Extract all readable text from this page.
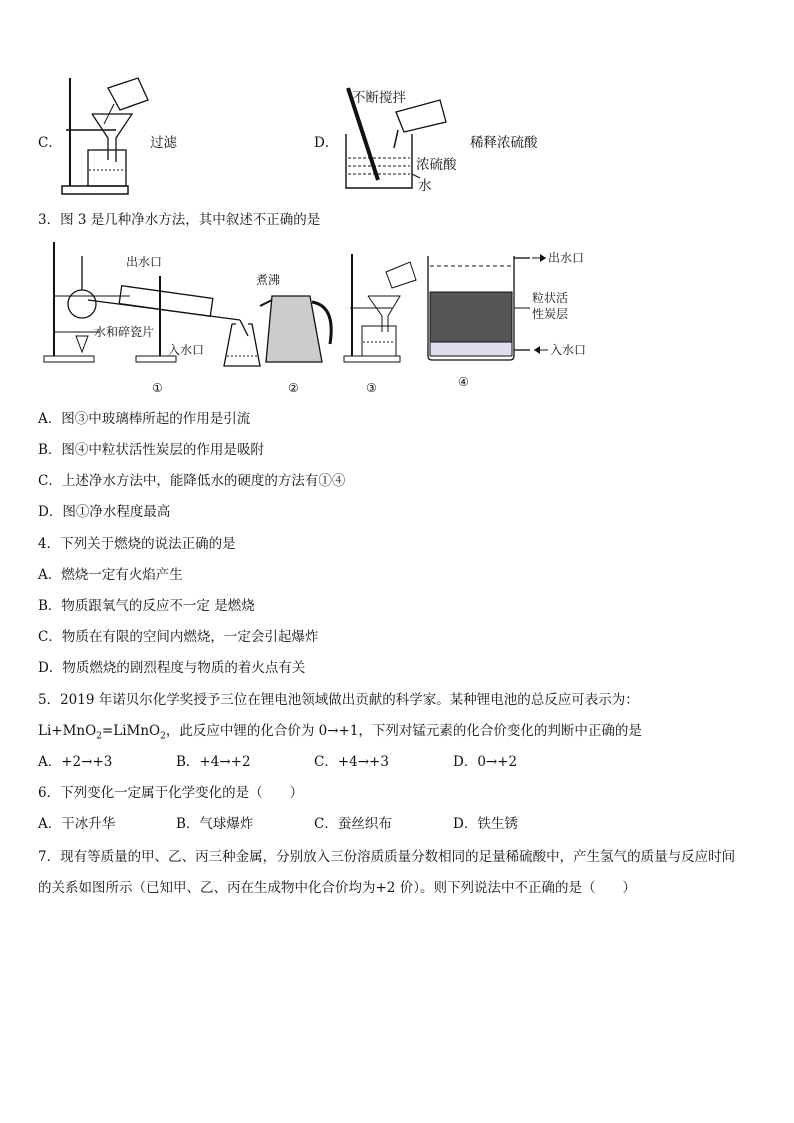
C．	过滤	D．
不断搅拌
稀释浓硫酸
浓硫酸
水
3．图 3 是几种净水方法，其中叙述不正确的是
出水口
水和碎瓷片
入水口
①
煮沸
②	③
出水口
粒状活
性炭层
入水口
④
A．图③中玻璃棒所起的作用是引流
B．图④中粒状活性炭层的作用是吸附
C．上述净水方法中，能降低水的硬度的方法有①④
D．图①净水程度最高
4．下列关于燃烧的说法正确的是
A．燃烧一定有火焰产生
B．物质跟氧气的反应不一定 是燃烧
C．物质在有限的空间内燃烧，一定会引起爆炸
D．物质燃烧的剧烈程度与物质的着火点有关
5．2019 年诺贝尔化学奖授予三位在锂电池领域做出贡献的科学家。某种锂电池的总反应可表示为：
Li+MnO$_2$=LiMnO$_2$，此反应中锂的化合价为 0→+1，下列对锰元素的化合价变化的判断中正确的是
A．+2→+3	B．+4→+2	C．+4→+3	D．0→+2
6．下列变化一定属于化学变化的是（　　）
A．干冰升华	B．气球爆炸	C．蚕丝织布	D．铁生锈
7．现有等质量的甲、乙、丙三种金属，分别放入三份溶质质量分数相同的足量稀硫酸中，产生氢气的质量与反应时间
的关系如图所示（已知甲、乙、丙在生成物中化合价均为+2 价）。则下列说法中不正确的是（　　）
